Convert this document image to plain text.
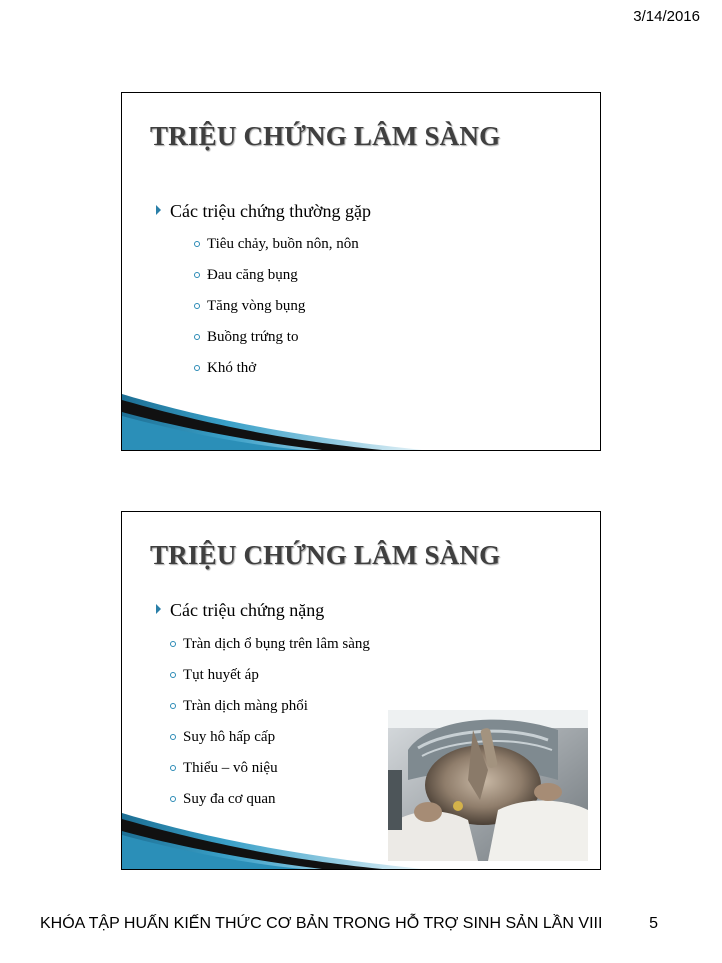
3/14/2016
TRIỆU CHỨNG LÂM SÀNG
Các triệu chứng thường gặp
Tiêu chảy, buồn nôn, nôn
Đau căng bụng
Tăng vòng bụng
Buồng trứng to
Khó thở
TRIỆU CHỨNG LÂM SÀNG
Các triệu chứng nặng
Tràn dịch ổ bụng trên lâm sàng
Tụt huyết áp
Tràn dịch màng phổi
Suy hô hấp cấp
Thiểu – vô niệu
Suy đa cơ quan
KHÓA TẬP HUẤN KIẾN THỨC CƠ BẢN TRONG HỖ TRỢ SINH SẢN LẦN VIII	5
